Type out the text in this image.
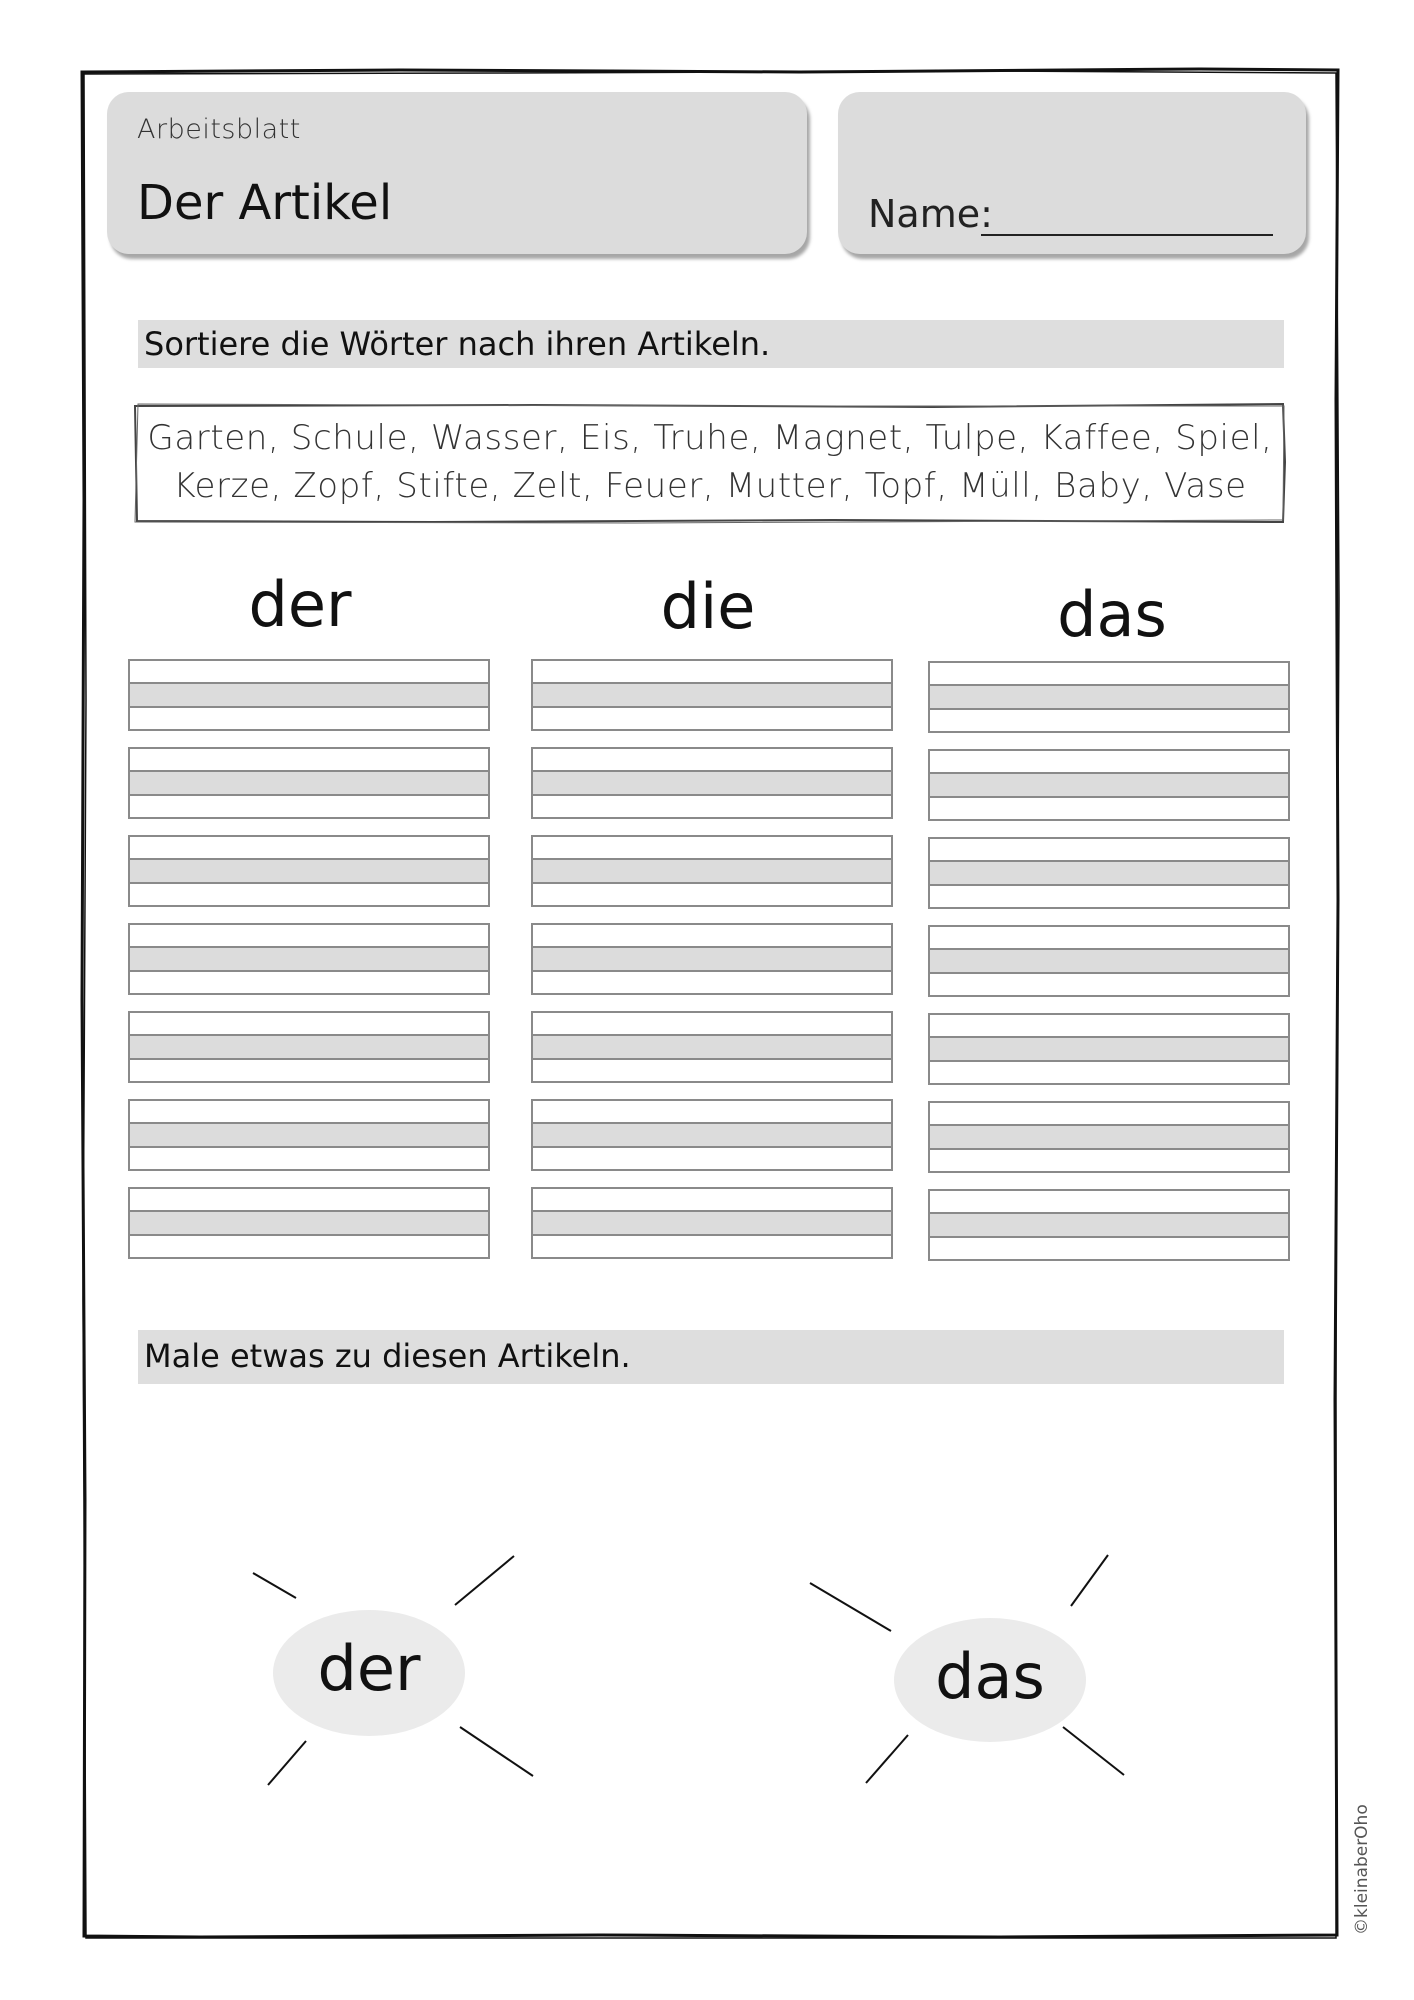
Arbeitsblatt
Der Artikel	Name:
Sortiere die Wörter nach ihren Artikeln.
Garten, Schule, Wasser, Eis, Truhe, Magnet, Tulpe, Kaffee, Spiel,
Kerze, Zopf, Stifte, Zelt, Feuer, Mutter, Topf, Müll, Baby, Vase
der	die	das
Male etwas zu diesen Artikeln.
der	das
©kleinaberOho
